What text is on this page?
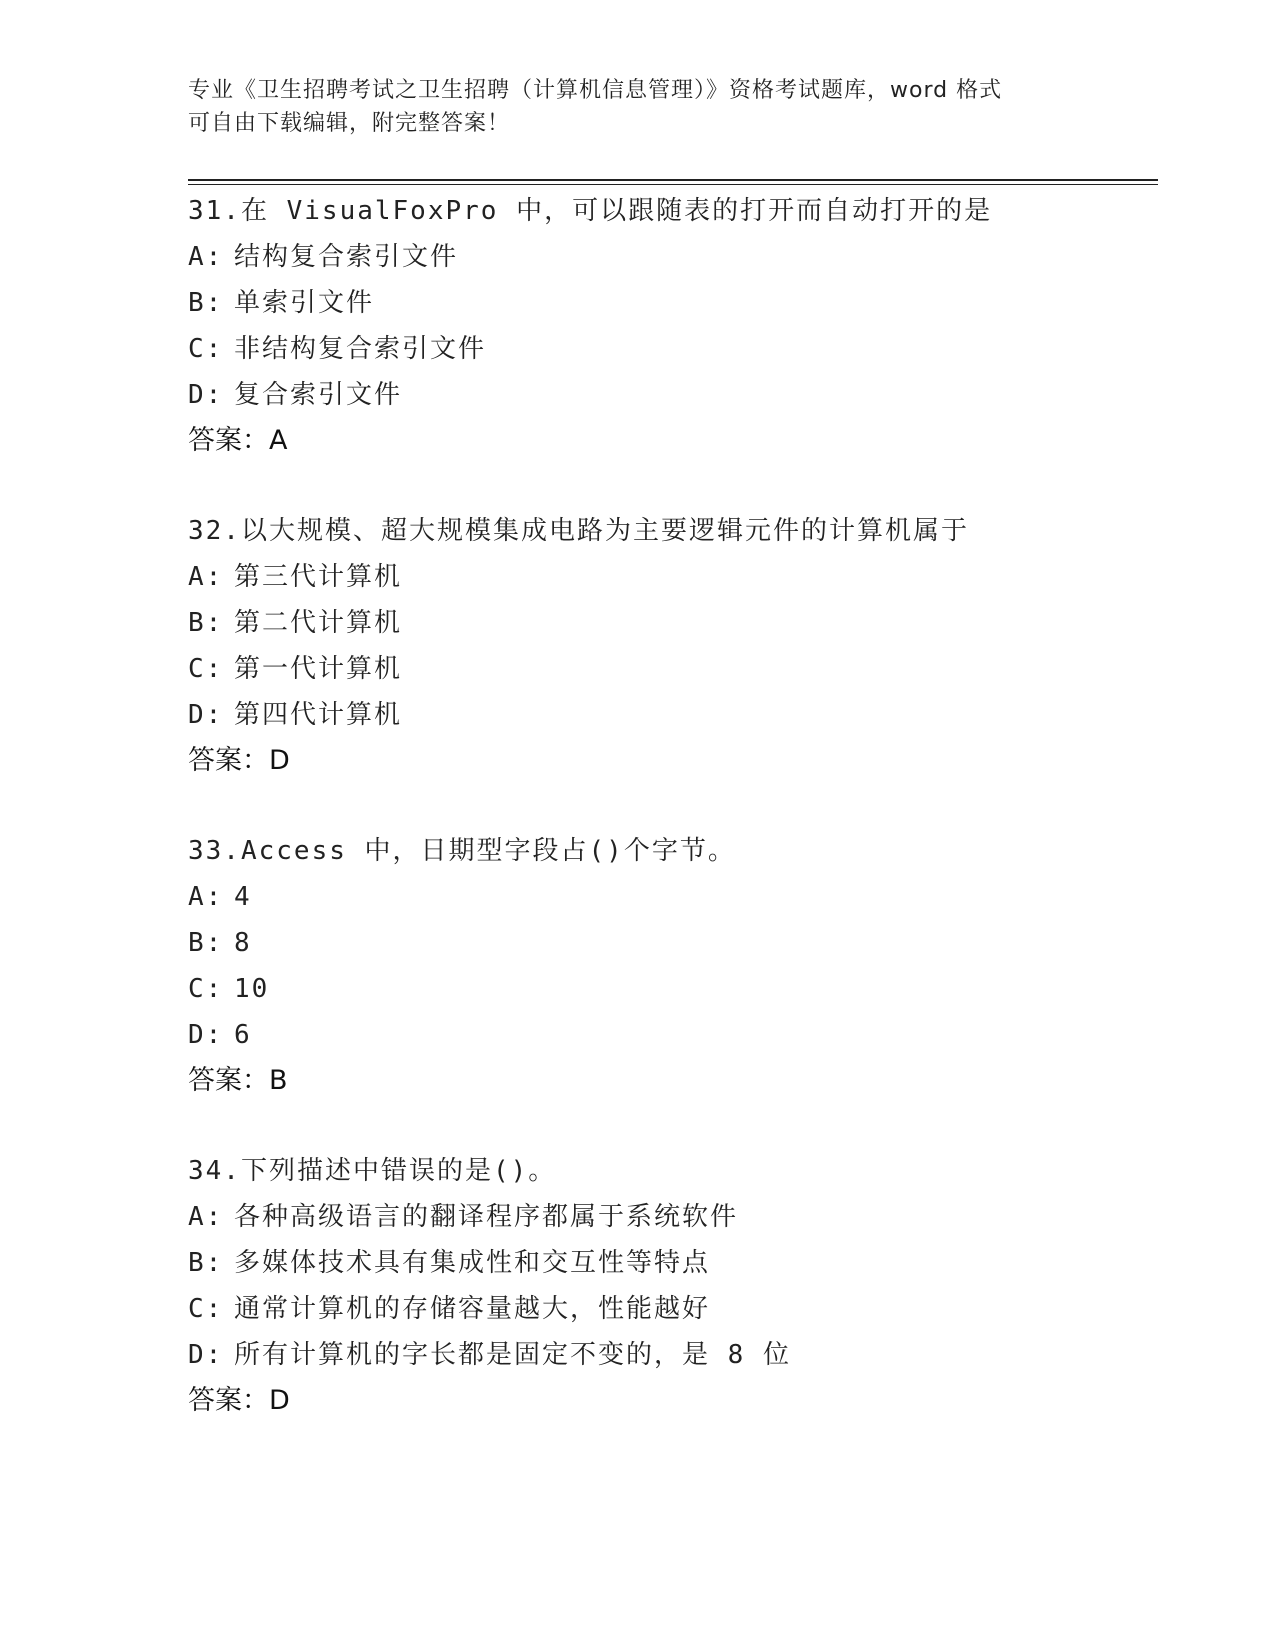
专业《卫生招聘考试之卫生招聘（计算机信息管理）》资格考试题库，word 格式
可自由下载编辑，附完整答案！
31.在 VisualFoxPro 中，可以跟随表的打开而自动打开的是
A: 结构复合索引文件
B: 单索引文件
C: 非结构复合索引文件
D: 复合索引文件
答案：A
32.以大规模、超大规模集成电路为主要逻辑元件的计算机属于
A: 第三代计算机
B: 第二代计算机
C: 第一代计算机
D: 第四代计算机
答案：D
33.Access 中，日期型字段占()个字节。
A: 4
B: 8
C: 10
D: 6
答案：B
34.下列描述中错误的是()。
A: 各种高级语言的翻译程序都属于系统软件
B: 多媒体技术具有集成性和交互性等特点
C: 通常计算机的存储容量越大，性能越好
D: 所有计算机的字长都是固定不变的，是 8 位
答案：D
